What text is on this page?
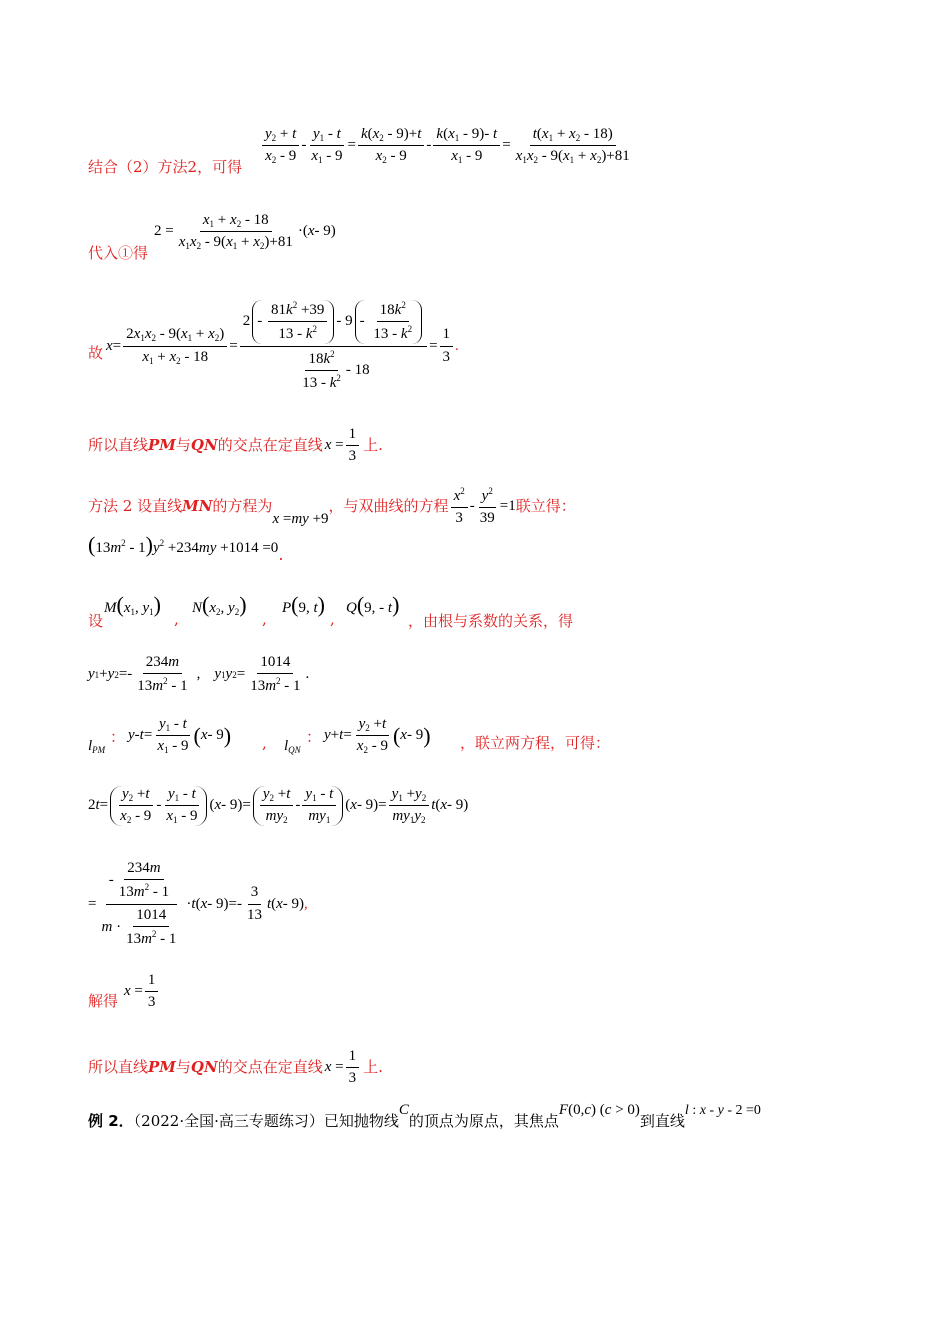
结合（2）方法2，可得
$\frac{y_2 + t}{x_2 - 9} - \frac{y_1 - t}{x_1 - 9} = \frac{k(x_2 - 9)+t}{x_2 - 9} - \frac{k(x_1 - 9)- t}{x_1 - 9} = \frac{t(x_1 + x_2 - 18)}{x_1x_2 - 9(x_1 + x_2)+81}$
代入①得
$2 = \frac{x_1 + x_2 - 18}{x_1x_2 - 9(x_1 + x_2)+81}$ ·( x - 9)
故 $x = \frac{2x_1x_2 - 9(x_1 + x_2)}{x_1 + x_2 - 18} = \frac{2 - \frac{81k^2 +39}{13 - k^2} - 9 - \frac{18k^2}{13 - k^2}}{\frac{18k^2}{13 - k^2} - 18} = \frac{1}{3}$ .
所以直线PM与QN的交点在定直线 $x = \frac{1}{3}$ 上.
方法 2 设直线MN的方程为x =my +9，与双曲线的方程 $\frac{x^2}{3} - \frac{y^2}{39} =1$联立得：
$(13m^2 - 1)y^2 +234my +1014 =0$.
设
$M(x_1$, $y_1$)
,
$N(x_2$, $y_2$)
,
P(9, t)
,
Q(9, - t)
，由根与系数的关系，得
y 1 + y $2 =- \frac{234m}{13m^2 - 1}$ , y 1 y $2 = \frac{1014}{13m^2 - 1}$ .
$l_{PM}$
： $y - t = \frac{y_1 - t}{x_1 - 9}$ ( x - 9 ) , $l_{QN}$
： $y + t = \frac{y_2 +t}{x_2 - 9}$ ( x - 9 ) ，联立两方程，可得：
2 $t = \frac{y_2 +t}{x_2 - 9} - \frac{y_1 - t}{x_1 - 9}$ ( $x - 9)= \frac{y_2 +t}{my_2} - \frac{y_1 - t}{my_1}$ ( $x - 9)= \frac{y_1 +y_2}{my_1y_2}$ t ( x - 9)
= $\frac{- \frac{234m}{13m^2 - 1}}{m \cdot \frac{1014}{13m^2 - 1}} \cdot t$ ( $x - 9)=- \frac{3}{13}$ t ( x - 9) ,
解得
$x = \frac{1}{3}$
所以直线PM与QN的交点在定直线 $x = \frac{1}{3}$ 上.
例 2．（2022·全国·高三专题练习）已知抛物线C的顶点为原点，其焦点F(0,c) (c > 0)到直线l : x - y - 2 =0
